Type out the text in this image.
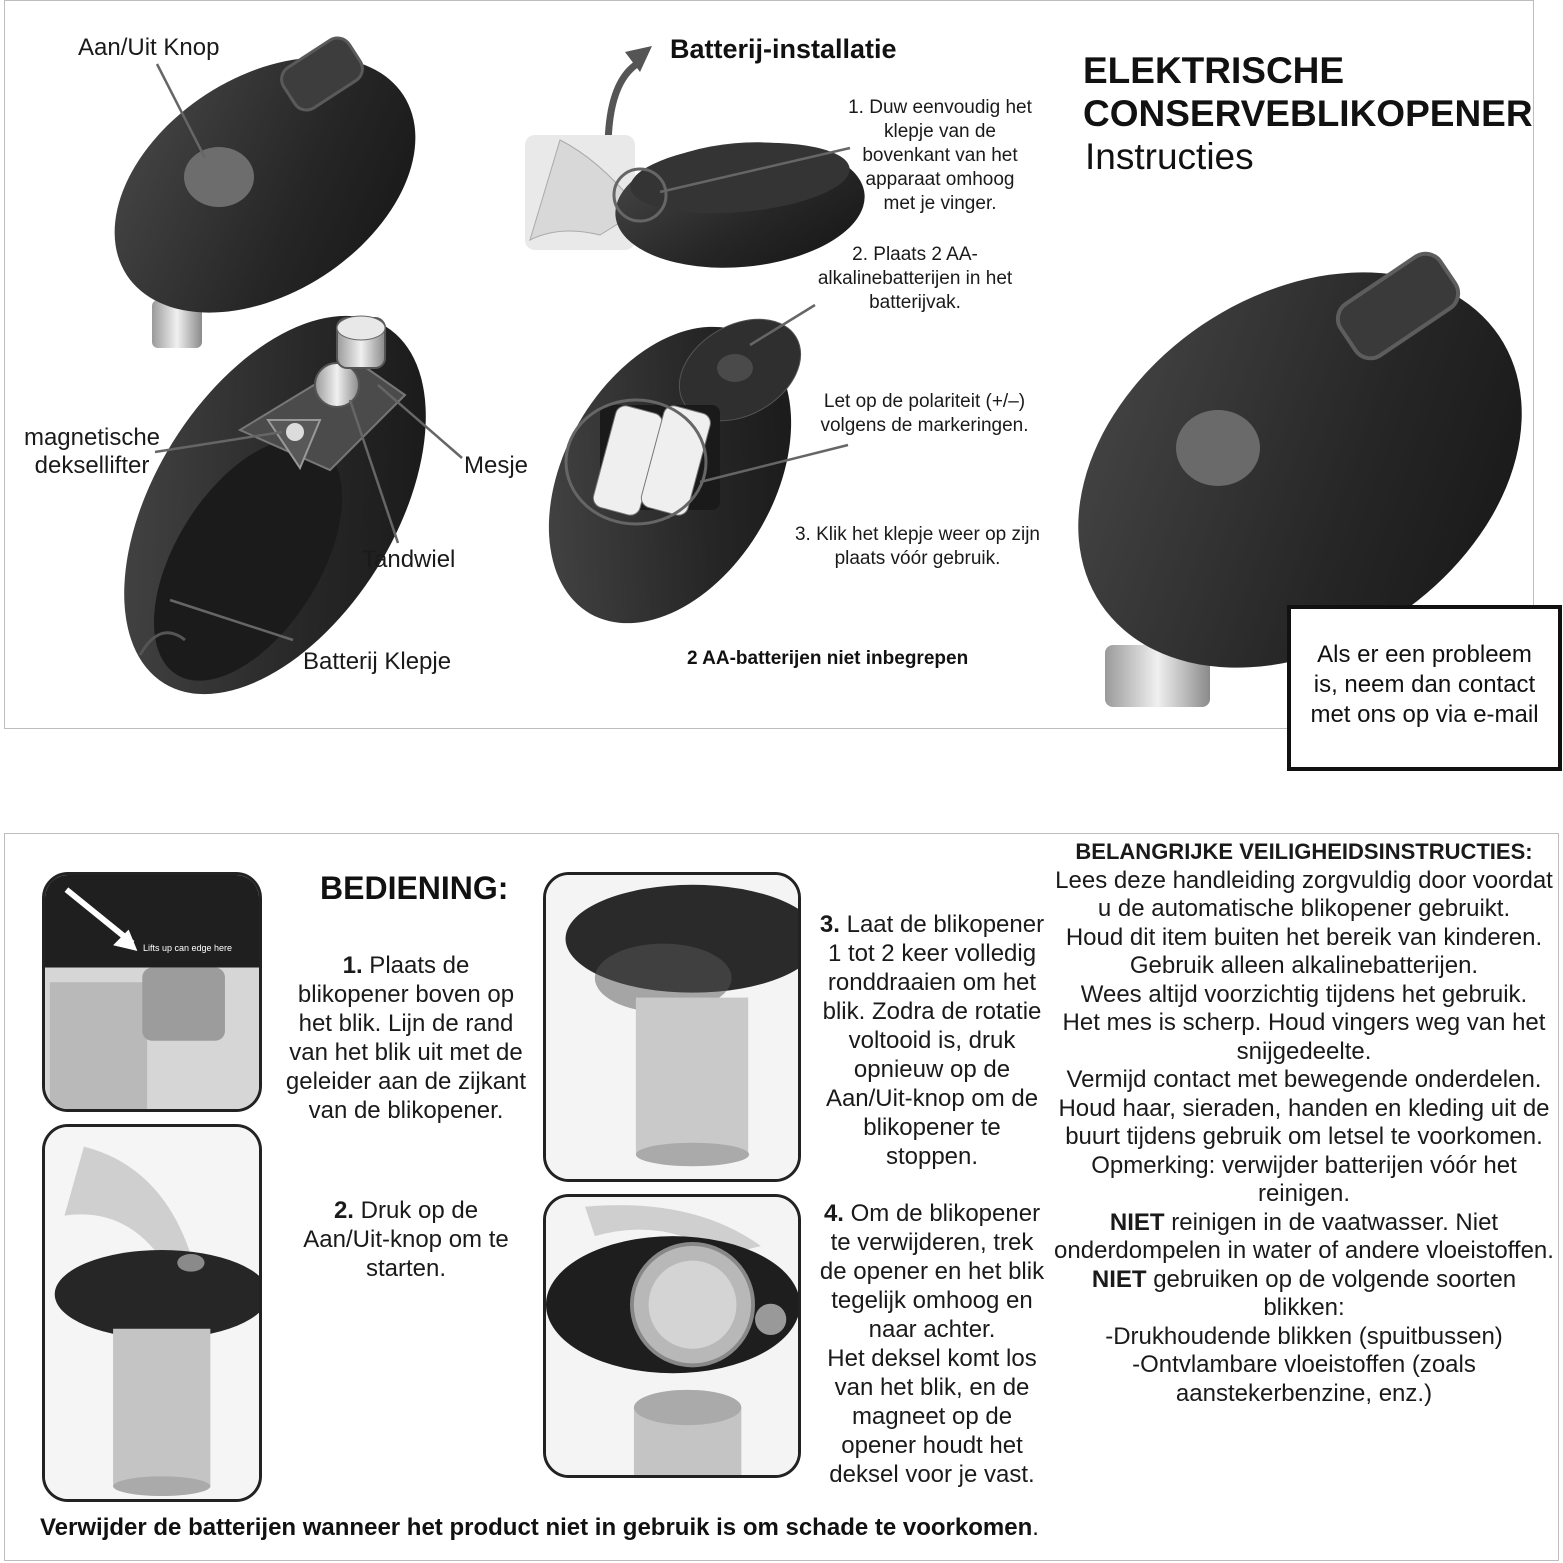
Aan/Uit Knop
magnetische
deksellifter	Mesje
Tandwiel
Batterij Klepje
Batterij-installatie
1. Duw eenvoudig het
klepje van de
bovenkant van het
apparaat omhoog
met je vinger.
2. Plaats 2 AA-
alkalinebatterijen in het
batterijvak.
Let op de polariteit (+/–)
volgens de markeringen.
3. Klik het klepje weer op zijn
plaats vóór gebruik.
2 AA-batterijen niet inbegrepen
ELEKTRISCHE
CONSERVEBLIKOPENER
Instructies
Als er een probleem
is, neem dan contact
met ons op via e-mail
Lifts up can edge here
BEDIENING:
1. Plaats de
blikopener boven op
het blik. Lijn de rand
van het blik uit met de
geleider aan de zijkant
van de blikopener.
2. Druk op de
Aan/Uit-knop om te
starten.
3. Laat de blikopener
1 tot 2 keer volledig
ronddraaien om het
blik. Zodra de rotatie
voltooid is, druk
opnieuw op de
Aan/Uit-knop om de
blikopener te
stoppen.
4. Om de blikopener
te verwijderen, trek
de opener en het blik
tegelijk omhoog en
naar achter.
Het deksel komt los
van het blik, en de
magneet op de
opener houdt het
deksel voor je vast.
Verwijder de batterijen wanneer het product niet in gebruik is om schade te voorkomen.

BELANGRIJKE VEILIGHEIDSINSTRUCTIES:

Lees deze handleiding zorgvuldig door voordat u de automatische blikopener gebruikt.

Houd dit item buiten het bereik van kinderen.

Gebruik alleen alkalinebatterijen.

Wees altijd voorzichtig tijdens het gebruik.

Het mes is scherp. Houd vingers weg van het snijgedeelte.

Vermijd contact met bewegende onderdelen. Houd haar, sieraden, handen en kleding uit de buurt tijdens gebruik om letsel te voorkomen.

Opmerking: verwijder batterijen vóór het reinigen.

NIET reinigen in de vaatwasser. Niet onderdompelen in water of andere vloeistoffen.

NIET gebruiken op de volgende soorten blikken:

-Drukhoudende blikken (spuitbussen)

-Ontvlambare vloeistoffen (zoals aanstekerbenzine, enz.)
